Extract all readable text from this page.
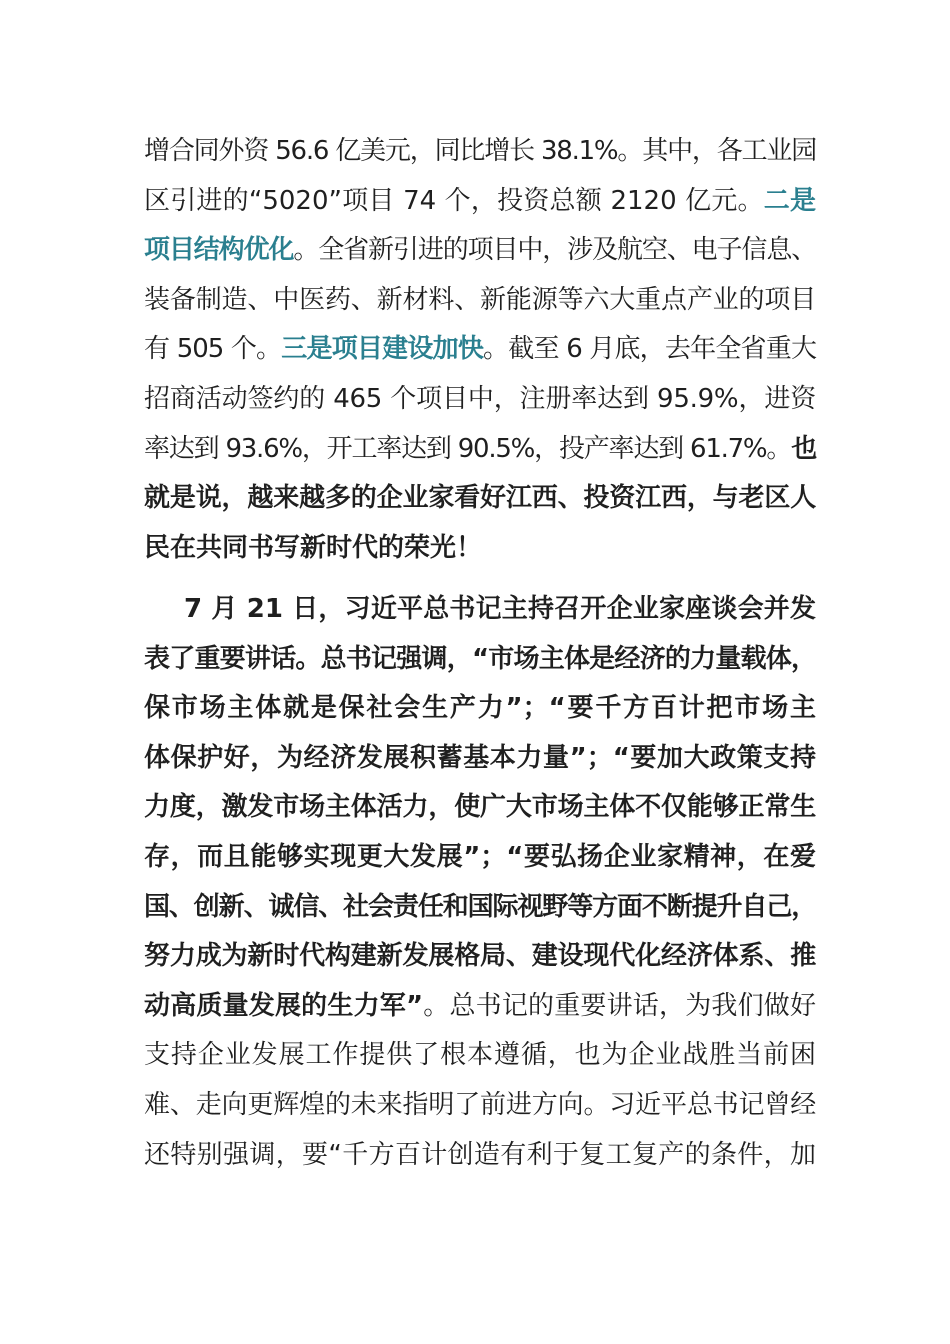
增合同外资 56.6 亿美元，同比增长 38.1%。其中，各工业园
区引进的“5020”项目 74 个，投资总额 2120 亿元。二是
项目结构优化。全省新引进的项目中，涉及航空、电子信息、
装备制造、中医药、新材料、新能源等六大重点产业的项目
有 505 个。三是项目建设加快。截至 6 月底，去年全省重大
招商活动签约的 465 个项目中，注册率达到 95.9%，进资
率达到 93.6%，开工率达到 90.5%，投产率达到 61.7%。也
就是说，越来越多的企业家看好江西、投资江西，与老区人
民在共同书写新时代的荣光！
7 月 21 日，习近平总书记主持召开企业家座谈会并发
表了重要讲话。总书记强调，“市场主体是经济的力量载体，
保市场主体就是保社会生产力”；“要千方百计把市场主
体保护好，为经济发展积蓄基本力量”；“要加大政策支持
力度，激发市场主体活力，使广大市场主体不仅能够正常生
存，而且能够实现更大发展”；“要弘扬企业家精神，在爱
国、创新、诚信、社会责任和国际视野等方面不断提升自己，
努力成为新时代构建新发展格局、建设现代化经济体系、推
动高质量发展的生力军”。总书记的重要讲话，为我们做好
支持企业发展工作提供了根本遵循，也为企业战胜当前困
难、走向更辉煌的未来指明了前进方向。习近平总书记曾经
还特别强调，要“千方百计创造有利于复工复产的条件，加
